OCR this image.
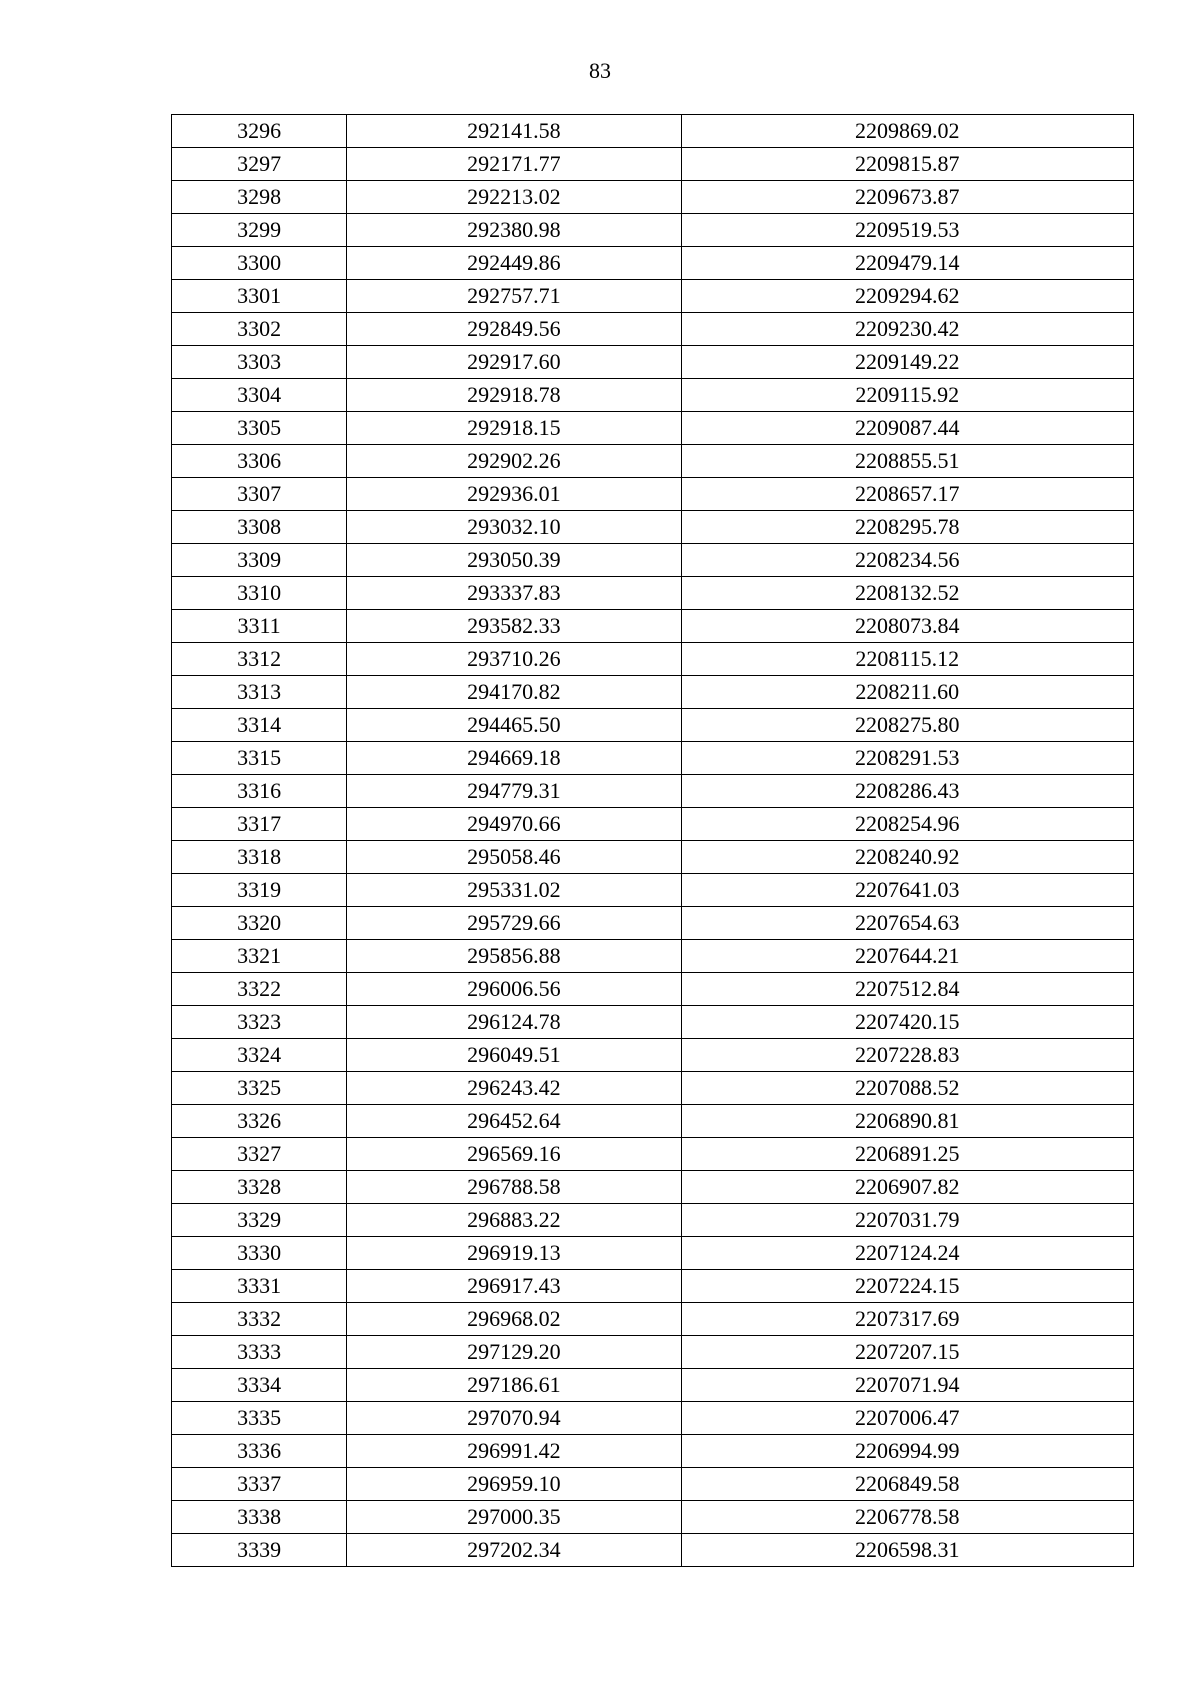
83
3296	292141.58	2209869.02
3297	292171.77	2209815.87
3298	292213.02	2209673.87
3299	292380.98	2209519.53
3300	292449.86	2209479.14
3301	292757.71	2209294.62
3302	292849.56	2209230.42
3303	292917.60	2209149.22
3304	292918.78	2209115.92
3305	292918.15	2209087.44
3306	292902.26	2208855.51
3307	292936.01	2208657.17
3308	293032.10	2208295.78
3309	293050.39	2208234.56
3310	293337.83	2208132.52
3311	293582.33	2208073.84
3312	293710.26	2208115.12
3313	294170.82	2208211.60
3314	294465.50	2208275.80
3315	294669.18	2208291.53
3316	294779.31	2208286.43
3317	294970.66	2208254.96
3318	295058.46	2208240.92
3319	295331.02	2207641.03
3320	295729.66	2207654.63
3321	295856.88	2207644.21
3322	296006.56	2207512.84
3323	296124.78	2207420.15
3324	296049.51	2207228.83
3325	296243.42	2207088.52
3326	296452.64	2206890.81
3327	296569.16	2206891.25
3328	296788.58	2206907.82
3329	296883.22	2207031.79
3330	296919.13	2207124.24
3331	296917.43	2207224.15
3332	296968.02	2207317.69
3333	297129.20	2207207.15
3334	297186.61	2207071.94
3335	297070.94	2207006.47
3336	296991.42	2206994.99
3337	296959.10	2206849.58
3338	297000.35	2206778.58
3339	297202.34	2206598.31
